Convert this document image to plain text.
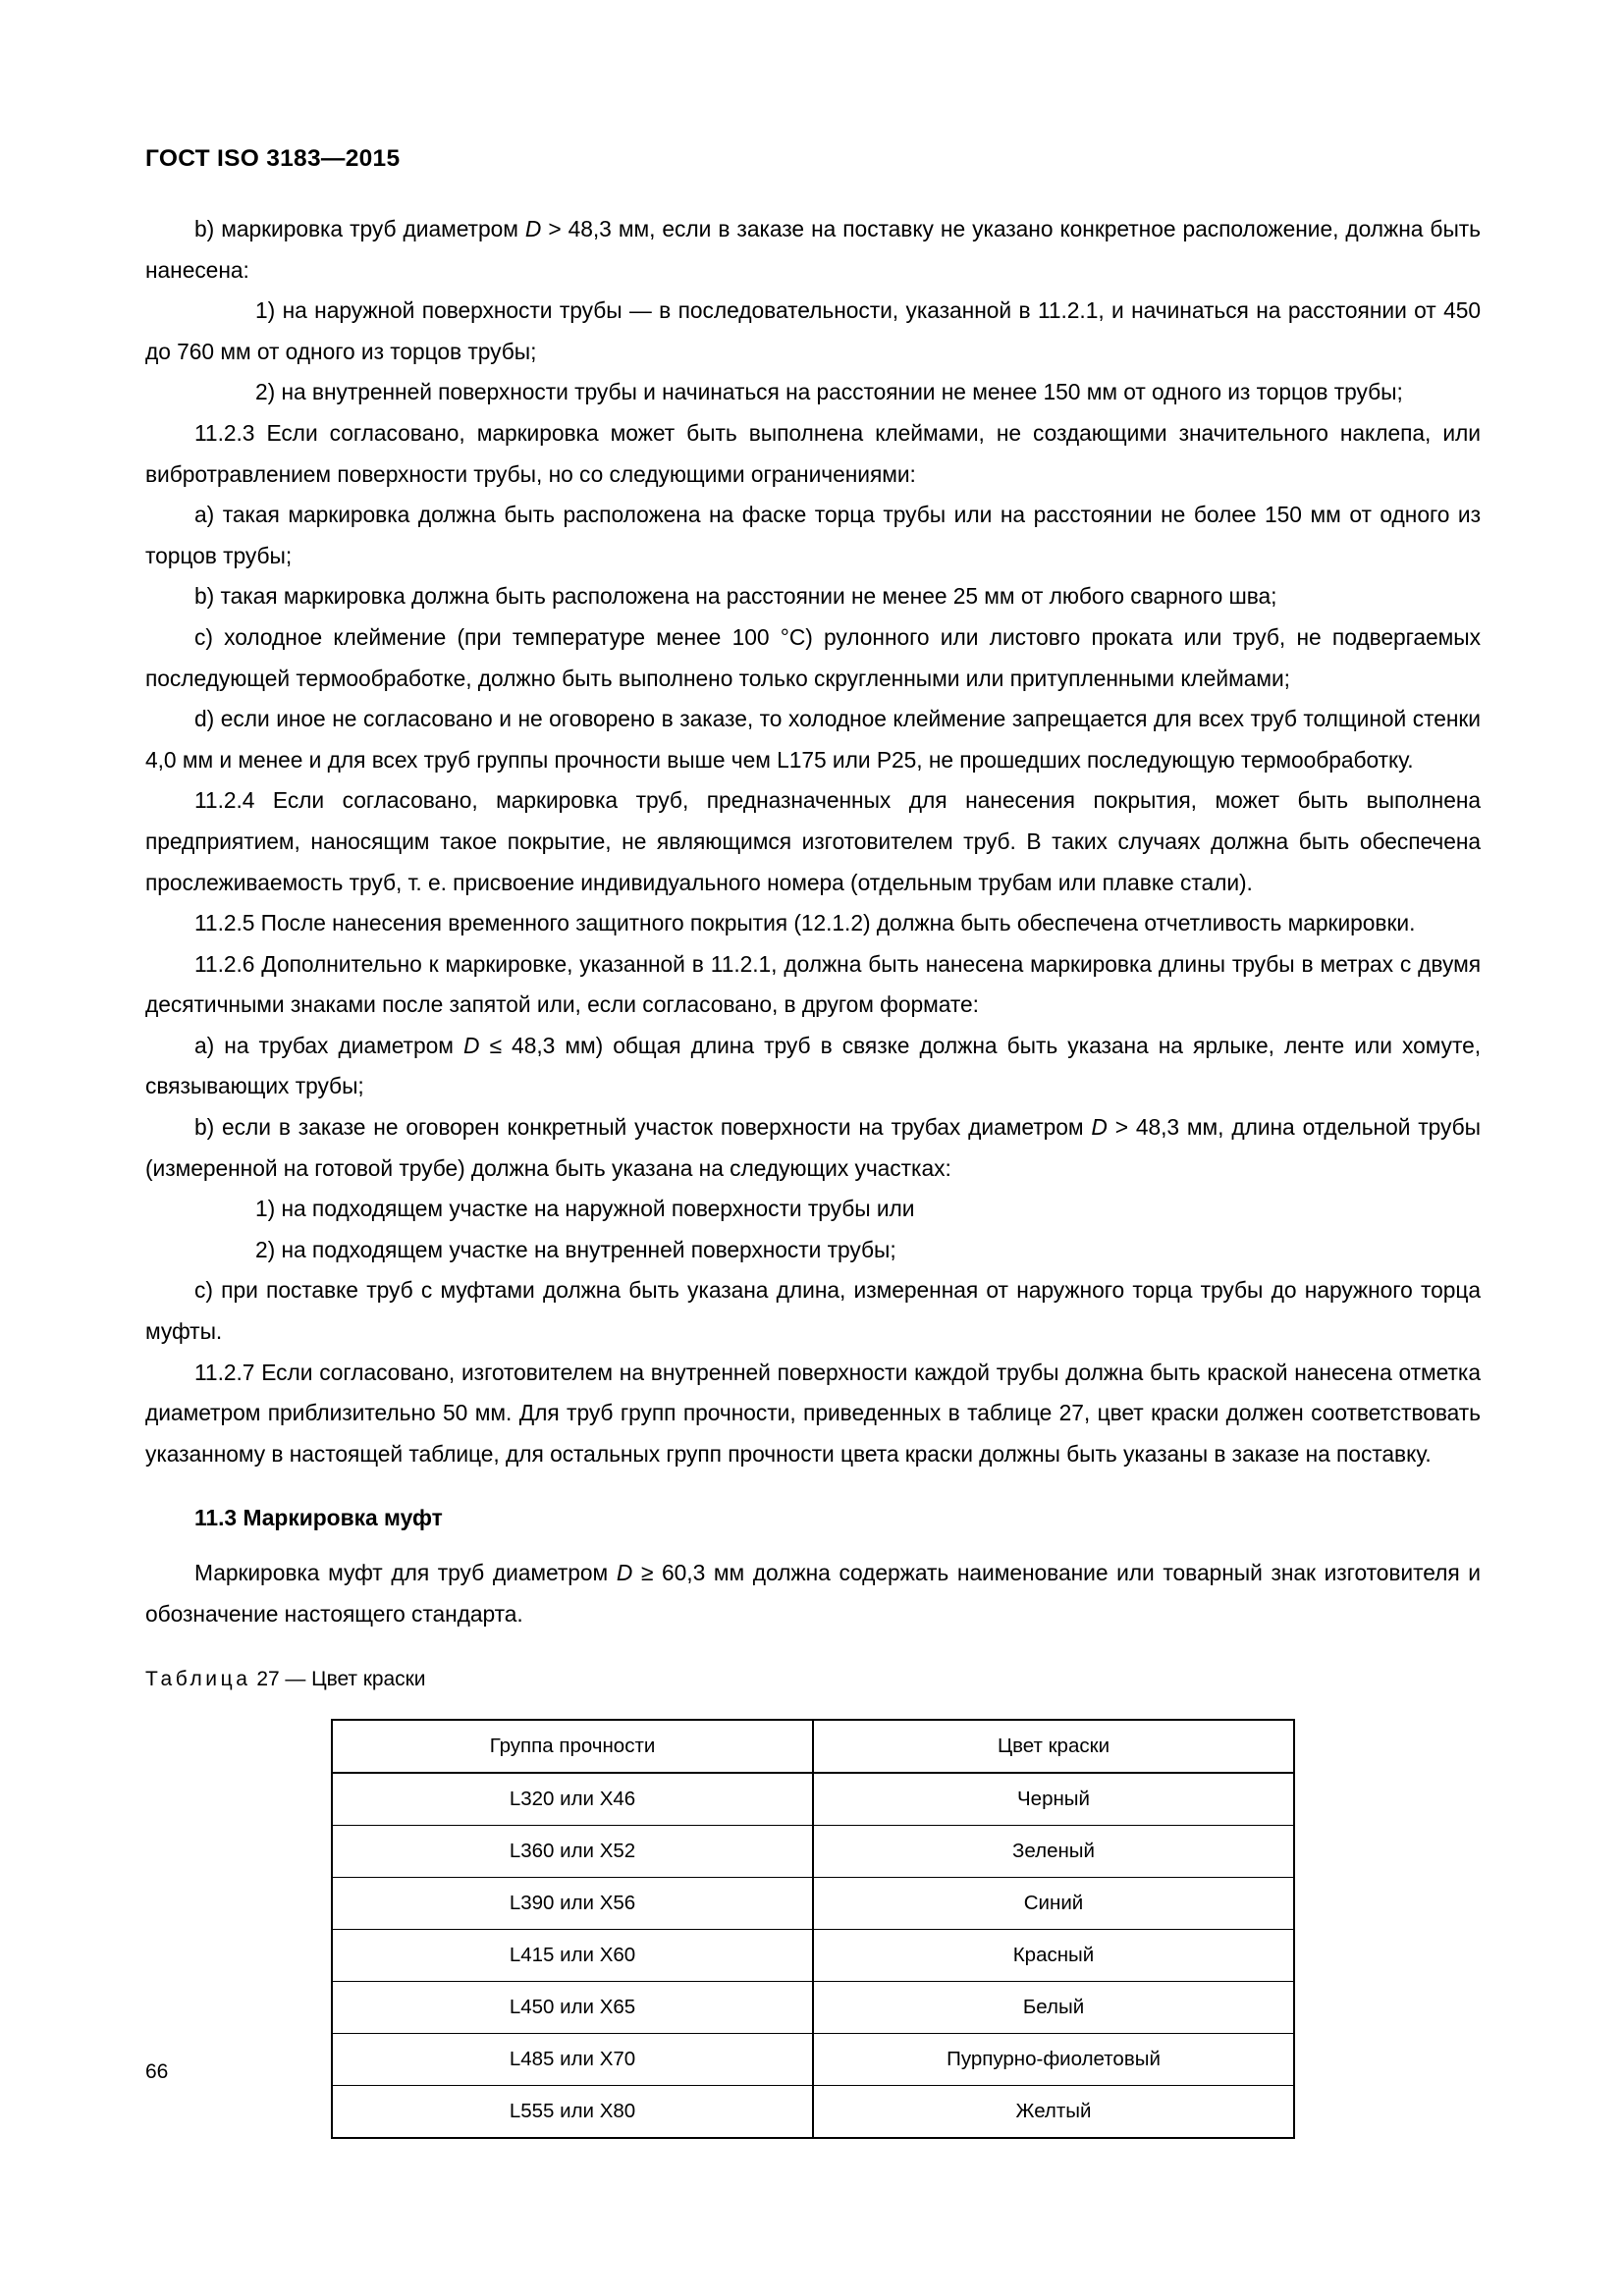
ГОСТ ISO 3183—2015

b) маркировка труб диаметром D > 48,3 мм, если в заказе на поставку не указано конкретное расположение, должна быть нанесена:

1) на наружной поверхности трубы — в последовательности, указанной в 11.2.1, и начинаться на расстоянии от 450 до 760 мм от одного из торцов трубы;

2) на внутренней поверхности трубы и начинаться на расстоянии не менее 150 мм от одного из торцов трубы;

11.2.3 Если согласовано, маркировка может быть выполнена клеймами, не создающими значительного наклепа, или вибротравлением поверхности трубы, но со следующими ограничениями:

a) такая маркировка должна быть расположена на фаске торца трубы или на расстоянии не более 150 мм от одного из торцов трубы;

b) такая маркировка должна быть расположена на расстоянии не менее 25 мм от любого сварного шва;

c) холодное клеймение (при температуре менее 100 °C) рулонного или листовго проката или труб, не подвергаемых последующей термообработке, должно быть выполнено только скругленными или притупленными клеймами;

d) если иное не согласовано и не оговорено в заказе, то холодное клеймение запрещается для всех труб толщиной стенки 4,0 мм и менее и для всех труб группы прочности выше чем L175 или Р25, не прошедших последующую термообработку.

11.2.4 Если согласовано, маркировка труб, предназначенных для нанесения покрытия, может быть выполнена предприятием, наносящим такое покрытие, не являющимся изготовителем труб. В таких случаях должна быть обеспечена прослеживаемость труб, т. е. присвоение индивидуального номера (отдельным трубам или плавке стали).

11.2.5 После нанесения временного защитного покрытия (12.1.2) должна быть обеспечена отчетливость маркировки.

11.2.6 Дополнительно к маркировке, указанной в 11.2.1, должна быть нанесена маркировка длины трубы в метрах с двумя десятичными знаками после запятой или, если согласовано, в другом формате:

a) на трубах диаметром D ≤ 48,3 мм) общая длина труб в связке должна быть указана на ярлыке, ленте или хомуте, связывающих трубы;

b) если в заказе не оговорен конкретный участок поверхности на трубах диаметром D > 48,3 мм, длина отдельной трубы (измеренной на готовой трубе) должна быть указана на следующих участках:

1) на подходящем участке на наружной поверхности трубы или

2) на подходящем участке на внутренней поверхности трубы;

c) при поставке труб с муфтами должна быть указана длина, измеренная от наружного торца трубы до наружного торца муфты.

11.2.7 Если согласовано, изготовителем на внутренней поверхности каждой трубы должна быть краской нанесена отметка диаметром приблизительно 50 мм. Для труб групп прочности, приведенных в таблице 27, цвет краски должен соответствовать указанному в настоящей таблице, для остальных групп прочности цвета краски должны быть указаны в заказе на поставку.

11.3 Маркировка муфт

Маркировка муфт для труб диаметром D ≥ 60,3 мм должна содержать наименование или товарный знак изготовителя и обозначение настоящего стандарта.

Таблица 27 — Цвет краски

Группа прочности	Цвет краски
L320 или X46	Черный
L360 или X52	Зеленый
L390 или X56	Синий
L415 или X60	Красный
L450 или X65	Белый
L485 или X70	Пурпурно-фиолетовый
L555 или X80	Желтый
66
